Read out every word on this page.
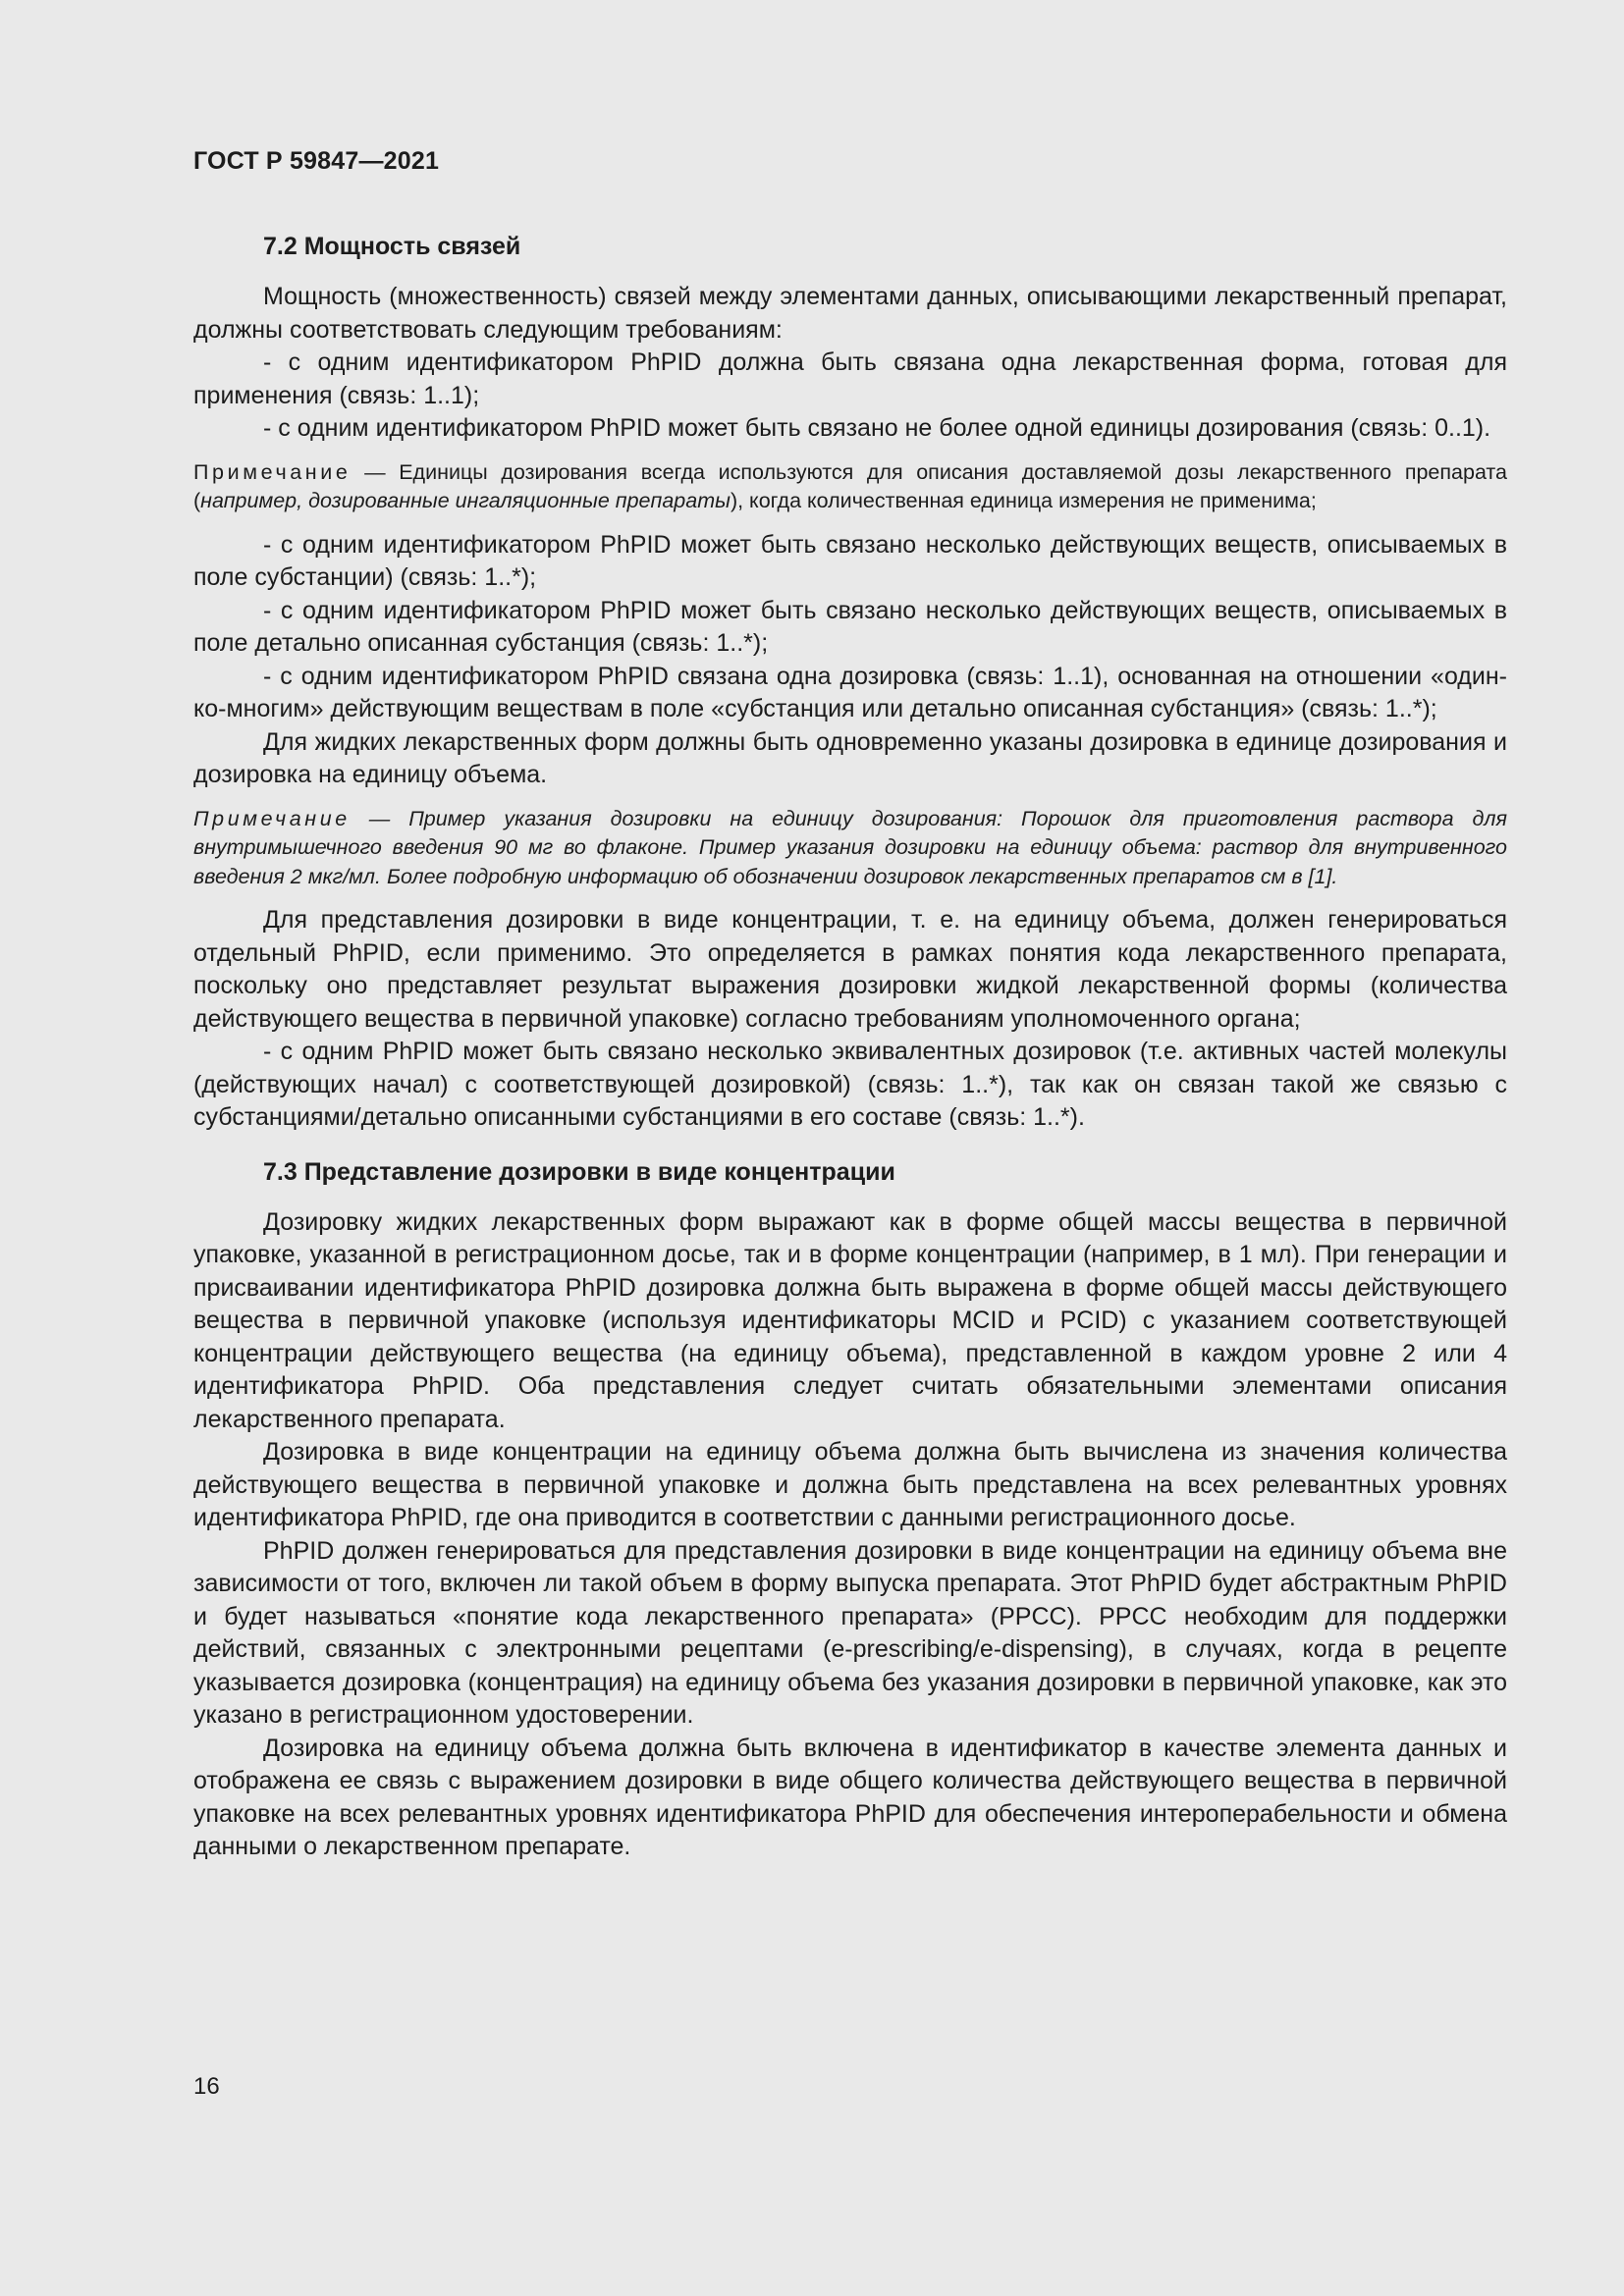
ГОСТ Р 59847—2021
7.2 Мощность связей

Мощность (множественность) связей между элементами данных, описывающими лекарственный препарат, должны соответствовать следующим требованиям:

- с одним идентификатором PhPID должна быть связана одна лекарственная форма, готовая для применения (связь: 1..1);

- с одним идентификатором PhPID может быть связано не более одной единицы дозирования (связь: 0..1).

Примечание — Единицы дозирования всегда используются для описания доставляемой дозы лекарственного препарата (например, дозированные ингаляционные препараты), когда количественная единица измерения не применима;

- с одним идентификатором PhPID может быть связано несколько действующих веществ, описываемых в поле субстанции) (связь: 1..*);

- с одним идентификатором PhPID может быть связано несколько действующих веществ, описываемых в поле детально описанная субстанция (связь: 1..*);

- с одним идентификатором PhPID связана одна дозировка (связь: 1..1), основанная на отношении «один-ко-многим» действующим веществам в поле «субстанция или детально описанная субстанция» (связь: 1..*);

Для жидких лекарственных форм должны быть одновременно указаны дозировка в единице дозирования и дозировка на единицу объема.

Примечание — Пример указания дозировки на единицу дозирования: Порошок для приготовления раствора для внутримышечного введения 90 мг во флаконе. Пример указания дозировки на единицу объема: раствор для внутривенного введения 2 мкг/мл. Более подробную информацию об обозначении дозировок лекарственных препаратов см в [1].

Для представления дозировки в виде концентрации, т. е. на единицу объема, должен генерироваться отдельный PhPID, если применимо. Это определяется в рамках понятия кода лекарственного препарата, поскольку оно представляет результат выражения дозировки жидкой лекарственной формы (количества действующего вещества в первичной упаковке) согласно требованиям уполномоченного органа;

- с одним PhPID может быть связано несколько эквивалентных дозировок (т.е. активных частей молекулы (действующих начал) с соответствующей дозировкой) (связь: 1..*), так как он связан такой же связью с субстанциями/детально описанными субстанциями в его составе (связь: 1..*).

7.3 Представление дозировки в виде концентрации

Дозировку жидких лекарственных форм выражают как в форме общей массы вещества в первичной упаковке, указанной в регистрационном досье, так и в форме концентрации (например, в 1 мл). При генерации и присваивании идентификатора PhPID дозировка должна быть выражена в форме общей массы действующего вещества в первичной упаковке (используя идентификаторы MCID и PCID) с указанием соответствующей концентрации действующего вещества (на единицу объема), представленной в каждом уровне 2 или 4 идентификатора PhPID. Оба представления следует считать обязательными элементами описания лекарственного препарата.

Дозировка в виде концентрации на единицу объема должна быть вычислена из значения количества действующего вещества в первичной упаковке и должна быть представлена на всех релевантных уровнях идентификатора PhPID, где она приводится в соответствии с данными регистрационного досье.

PhPID должен генерироваться для представления дозировки в виде концентрации на единицу объема вне зависимости от того, включен ли такой объем в форму выпуска препарата. Этот PhPID будет абстрактным PhPID и будет называться «понятие кода лекарственного препарата» (PPCC). PPCC необходим для поддержки действий, связанных с электронными рецептами (e-prescribing/e-dispensing), в случаях, когда в рецепте указывается дозировка (концентрация) на единицу объема без указания дозировки в первичной упаковке, как это указано в регистрационном удостоверении.

Дозировка на единицу объема должна быть включена в идентификатор в качестве элемента данных и отображена ее связь с выражением дозировки в виде общего количества действующего вещества в первичной упаковке на всех релевантных уровнях идентификатора PhPID для обеспечения интероперабельности и обмена данными о лекарственном препарате.

16
